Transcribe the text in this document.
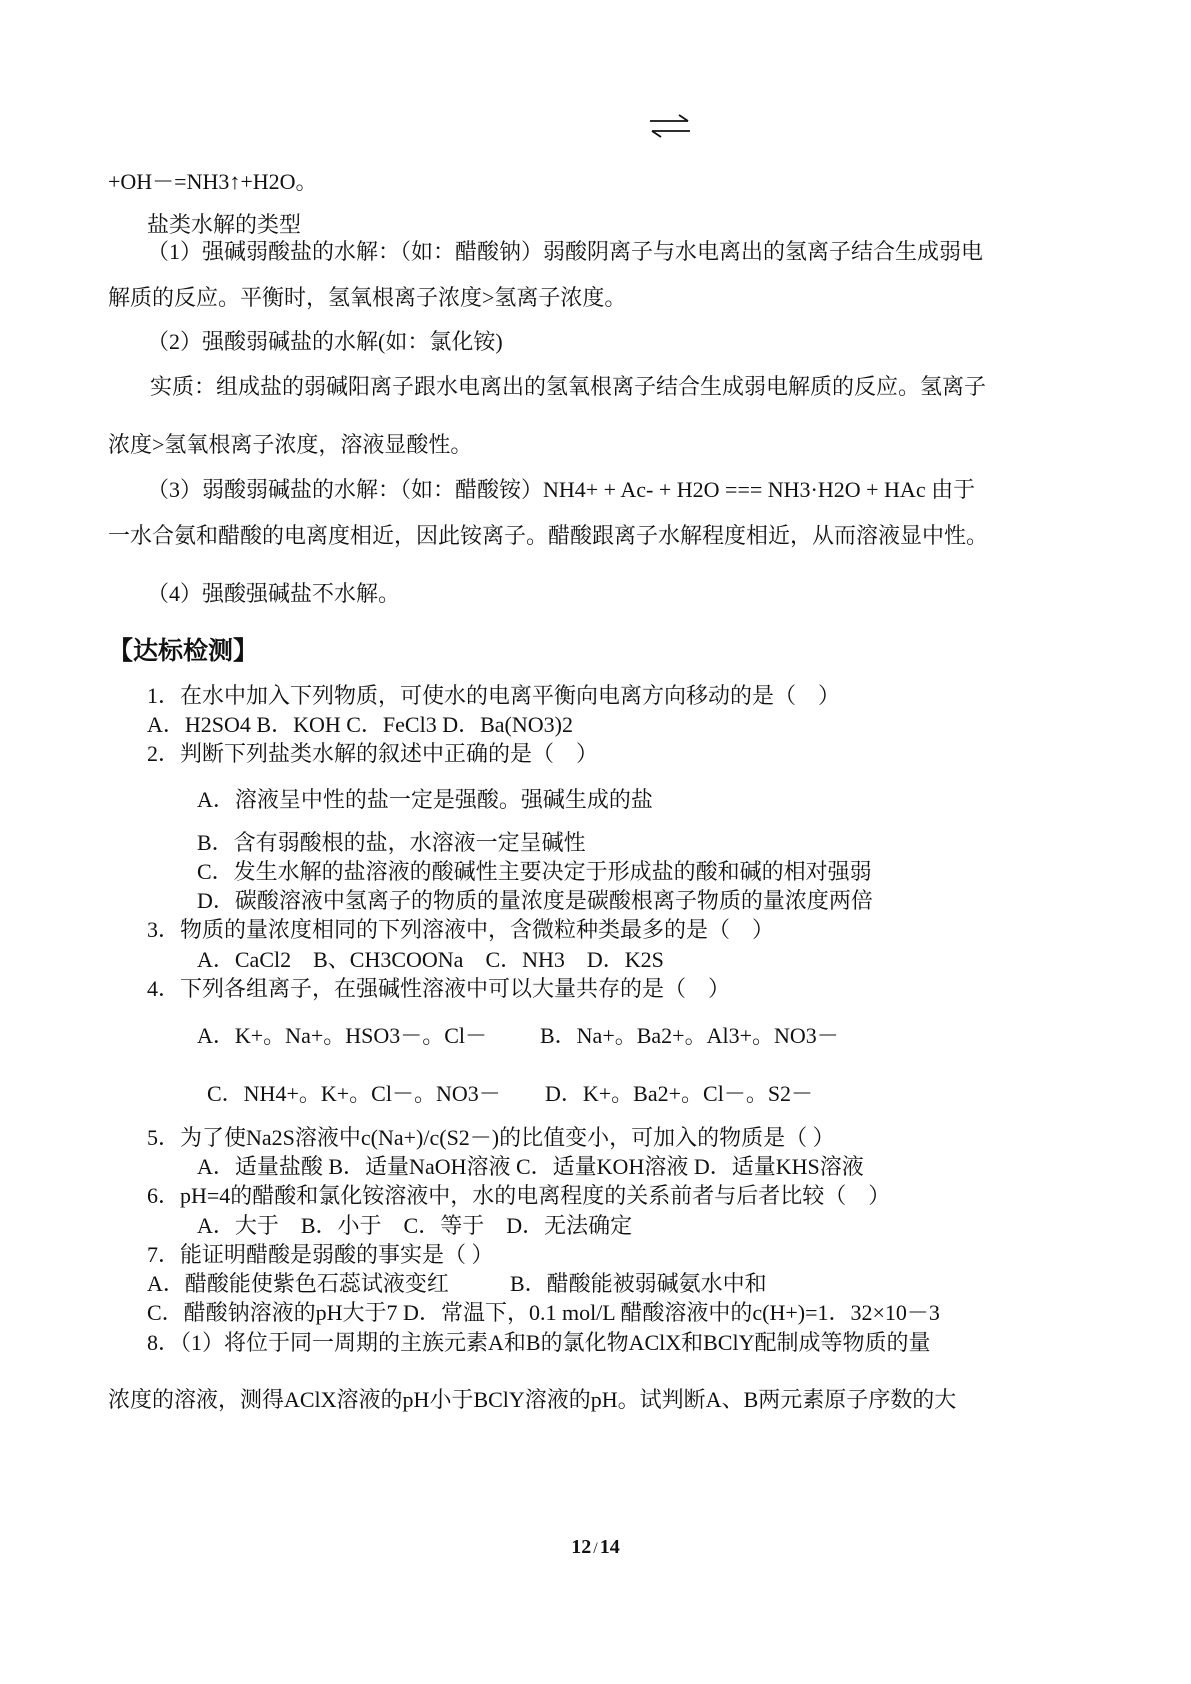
+OH－=NH3↑+H2O。
盐类水解的类型
（1）强碱弱酸盐的水解：（如：醋酸钠）弱酸阴离子与水电离出的氢离子结合生成弱电
解质的反应。平衡时，氢氧根离子浓度>氢离子浓度。
（2）强酸弱碱盐的水解(如：氯化铵)
实质：组成盐的弱碱阳离子跟水电离出的氢氧根离子结合生成弱电解质的反应。氢离子
浓度>氢氧根离子浓度，溶液显酸性。
（3）弱酸弱碱盐的水解：（如：醋酸铵）NH4+ + Ac- + H2O === NH3·H2O + HAc 由于
一水合氨和醋酸的电离度相近，因此铵离子。醋酸跟离子水解程度相近，从而溶液显中性。
（4）强酸强碱盐不水解。
【达标检测】
1．在水中加入下列物质，可使水的电离平衡向电离方向移动的是（　）
A．H2SO4 B．KOH C．FeCl3 D．Ba(NO3)2
2．判断下列盐类水解的叙述中正确的是（　）
A．溶液呈中性的盐一定是强酸。强碱生成的盐
B．含有弱酸根的盐，水溶液一定呈碱性
C．发生水解的盐溶液的酸碱性主要决定于形成盐的酸和碱的相对强弱
D．碳酸溶液中氢离子的物质的量浓度是碳酸根离子物质的量浓度两倍
3．物质的量浓度相同的下列溶液中，含微粒种类最多的是（　）
A．CaCl2　B、CH3COONa　C．NH3　D．K2S
4．下列各组离子，在强碱性溶液中可以大量共存的是（　）
A．K+。Na+。HSO3－。Cl－ B．Na+。Ba2+。Al3+。NO3－
C．NH4+。K+。Cl－。NO3－ D．K+。Ba2+。Cl－。S2－
5．为了使Na2S溶液中c(Na+)/c(S2－)的比值变小，可加入的物质是（ ）
A．适量盐酸 B．适量NaOH溶液 C．适量KOH溶液 D．适量KHS溶液
6．pH=4的醋酸和氯化铵溶液中，水的电离程度的关系前者与后者比较（　）
A．大于　B．小于　C．等于　D．无法确定
7．能证明醋酸是弱酸的事实是（ ）
A．醋酸能使紫色石蕊试液变红	B．醋酸能被弱碱氨水中和
C．醋酸钠溶液的pH大于7 D．常温下，0.1 mol/L 醋酸溶液中的c(H+)=1．32×10－3
8．（1）将位于同一周期的主族元素A和B的氯化物AClX和BClY配制成等物质的量
浓度的溶液，测得AClX溶液的pH小于BClY溶液的pH。试判断A、B两元素原子序数的大
12 / 14
